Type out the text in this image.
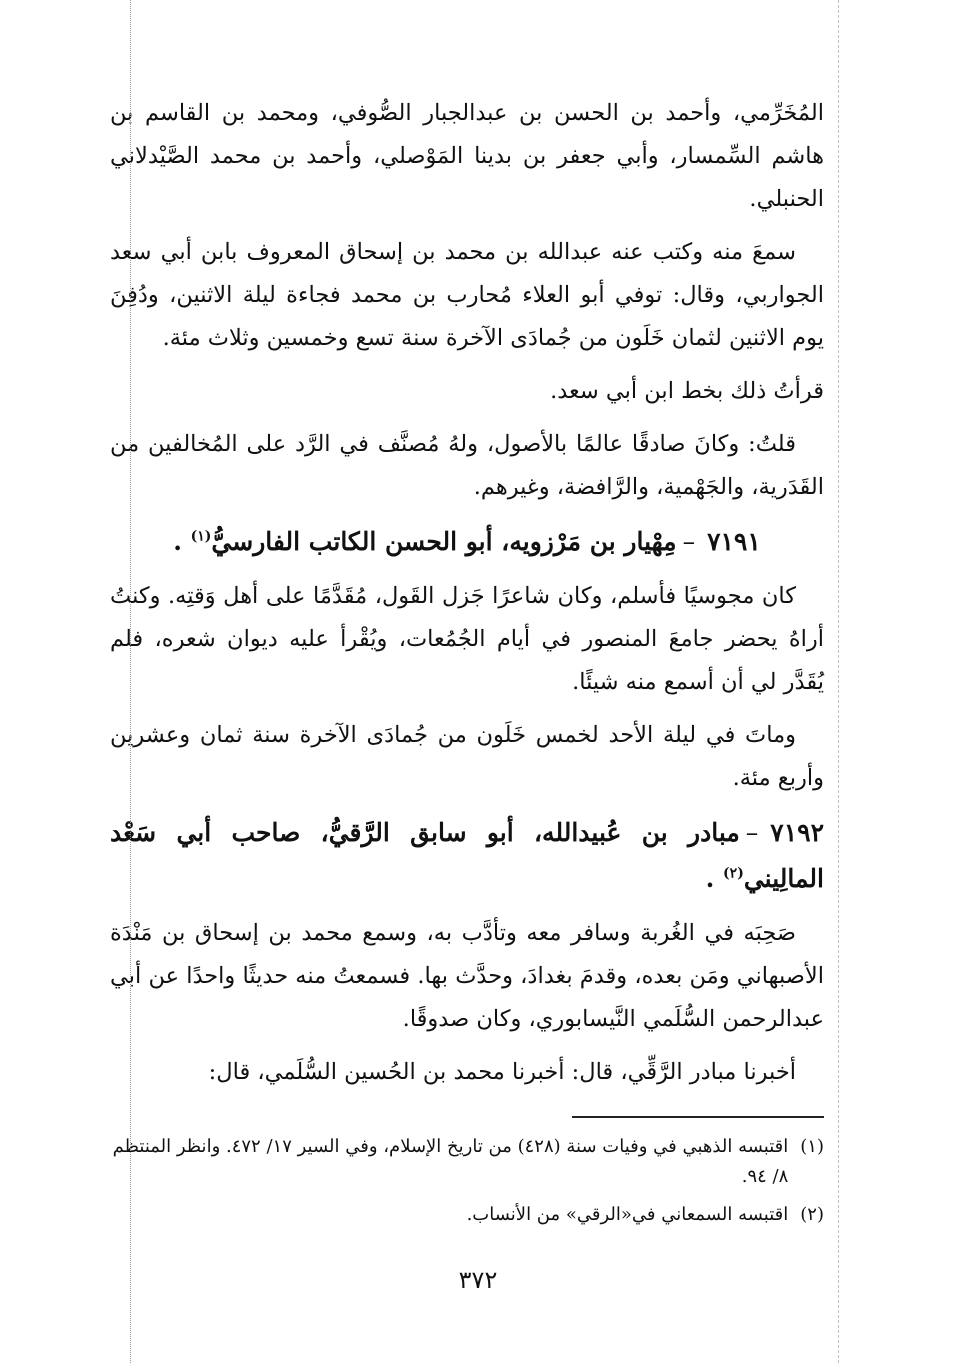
المُخَرِّمي، وأحمد بن الحسن بن عبدالجبار الصُّوفي، ومحمد بن القاسم بن هاشم السِّمسار، وأبي جعفر بن بدينا المَوْصلي، وأحمد بن محمد الصَّيْدلاني الحنبلي.

سمعَ منه وكتب عنه عبدالله بن محمد بن إسحاق المعروف بابن أبي سعد الجواربي، وقال: توفي أبو العلاء مُحارب بن محمد فجاءة ليلة الاثنين، ودُفِنَ يوم الاثنين لثمان خَلَون من جُمادَى الآخرة سنة تسع وخمسين وثلاث مئة.

قرأتُ ذلك بخط ابن أبي سعد.

قلتُ: وكانَ صادقًا عالمًا بالأصول، ولهُ مُصنَّف في الرَّد على المُخالفين من القَدَرية، والجَهْمية، والرَّافضة، وغيرهم.

٧١٩١–مِهْيار بن مَرْزويه، أبو الحسن الكاتب الفارسيُّ$^{(١)}$ .

كان مجوسيًا فأسلم، وكان شاعرًا جَزل القَول، مُقَدَّمًا على أهل وَقتِه. وكنتُ أراهُ يحضر جامعَ المنصور في أيام الجُمُعات، ويُقْرأ عليه ديوان شعره، فلم يُقَدَّر لي أن أسمع منه شيئًا.

وماتَ في ليلة الأحد لخمس خَلَون من جُمادَى الآخرة سنة ثمان وعشرين وأربع مئة.

٧١٩٢–مبادر بن عُبيدالله، أبو سابق الرَّقيُّ، صاحب أبي سَعْد المالِيني$^{(٢)}$ .

صَحِبَه في الغُربة وسافر معه وتأدَّب به، وسمع محمد بن إسحاق بن مَنْدَة الأصبهاني ومَن بعده، وقدمَ بغدادَ، وحدَّث بها. فسمعتُ منه حديثًا واحدًا عن أبي عبدالرحمن السُّلَمي النَّيسابوري، وكان صدوقًا.

أخبرنا مبادر الرَّقِّي، قال: أخبرنا محمد بن الحُسين السُّلَمي، قال:

(١)
اقتبسه الذهبي في وفيات سنة (٤٢٨) من تاريخ الإسلام، وفي السير ١٧/ ٤٧٢. وانظر المنتظم ٨/ ٩٤.
(٢)
اقتبسه السمعاني في«الرقي» من الأنساب.
٣٧٢
